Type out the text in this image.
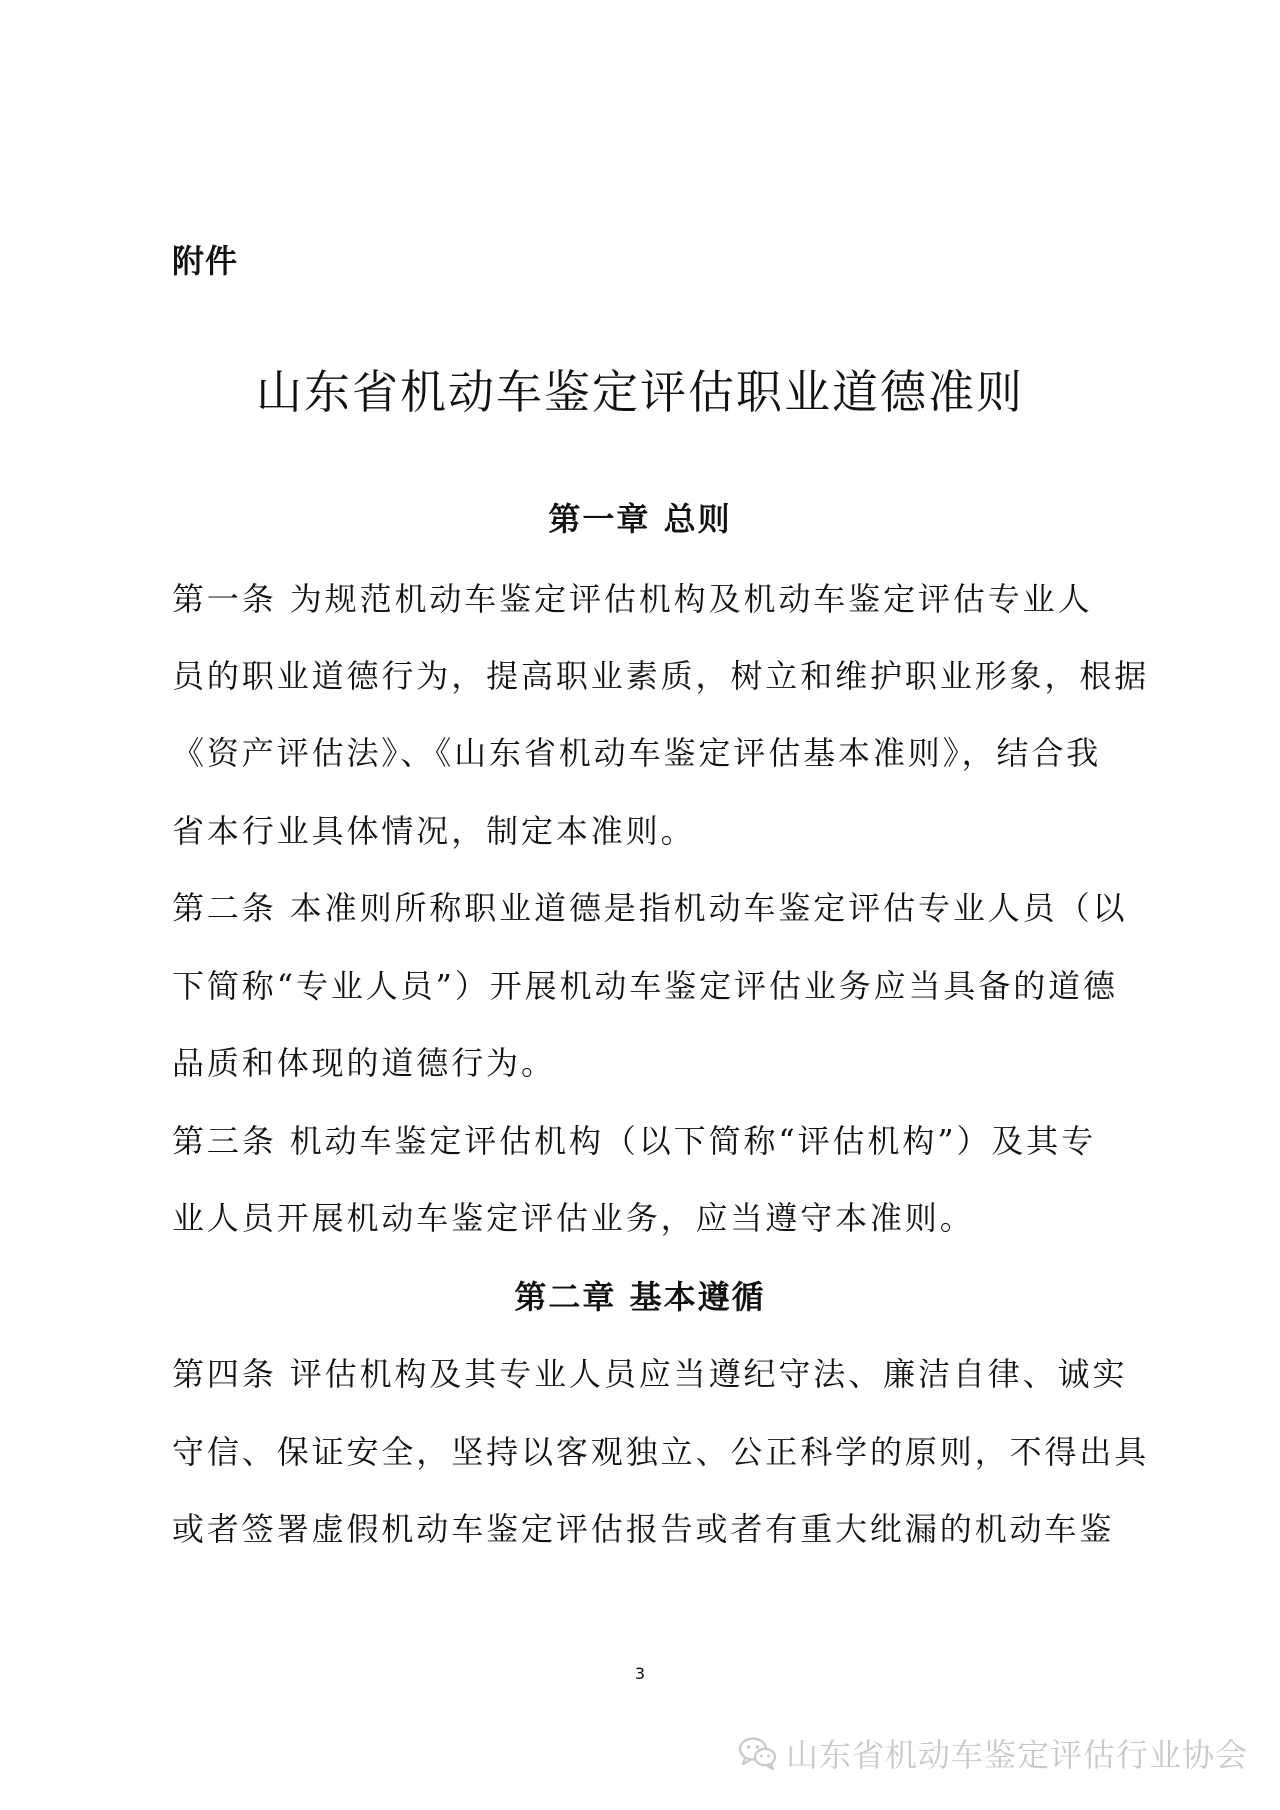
附件
山东省机动车鉴定评估职业道德准则
第一章 总则
第一条 为规范机动车鉴定评估机构及机动车鉴定评估专业人
员的职业道德行为，提高职业素质，树立和维护职业形象，根据
《资产评估法》、《山东省机动车鉴定评估基本准则》，结合我
省本行业具体情况，制定本准则。
第二条 本准则所称职业道德是指机动车鉴定评估专业人员（以
下简称“专业人员”）开展机动车鉴定评估业务应当具备的道德
品质和体现的道德行为。
第三条 机动车鉴定评估机构（以下简称“评估机构”）及其专
业人员开展机动车鉴定评估业务，应当遵守本准则。
第二章 基本遵循
第四条 评估机构及其专业人员应当遵纪守法、廉洁自律、诚实
守信、保证安全，坚持以客观独立、公正科学的原则，不得出具
或者签署虚假机动车鉴定评估报告或者有重大纰漏的机动车鉴
3
山东省机动车鉴定评估行业协会
